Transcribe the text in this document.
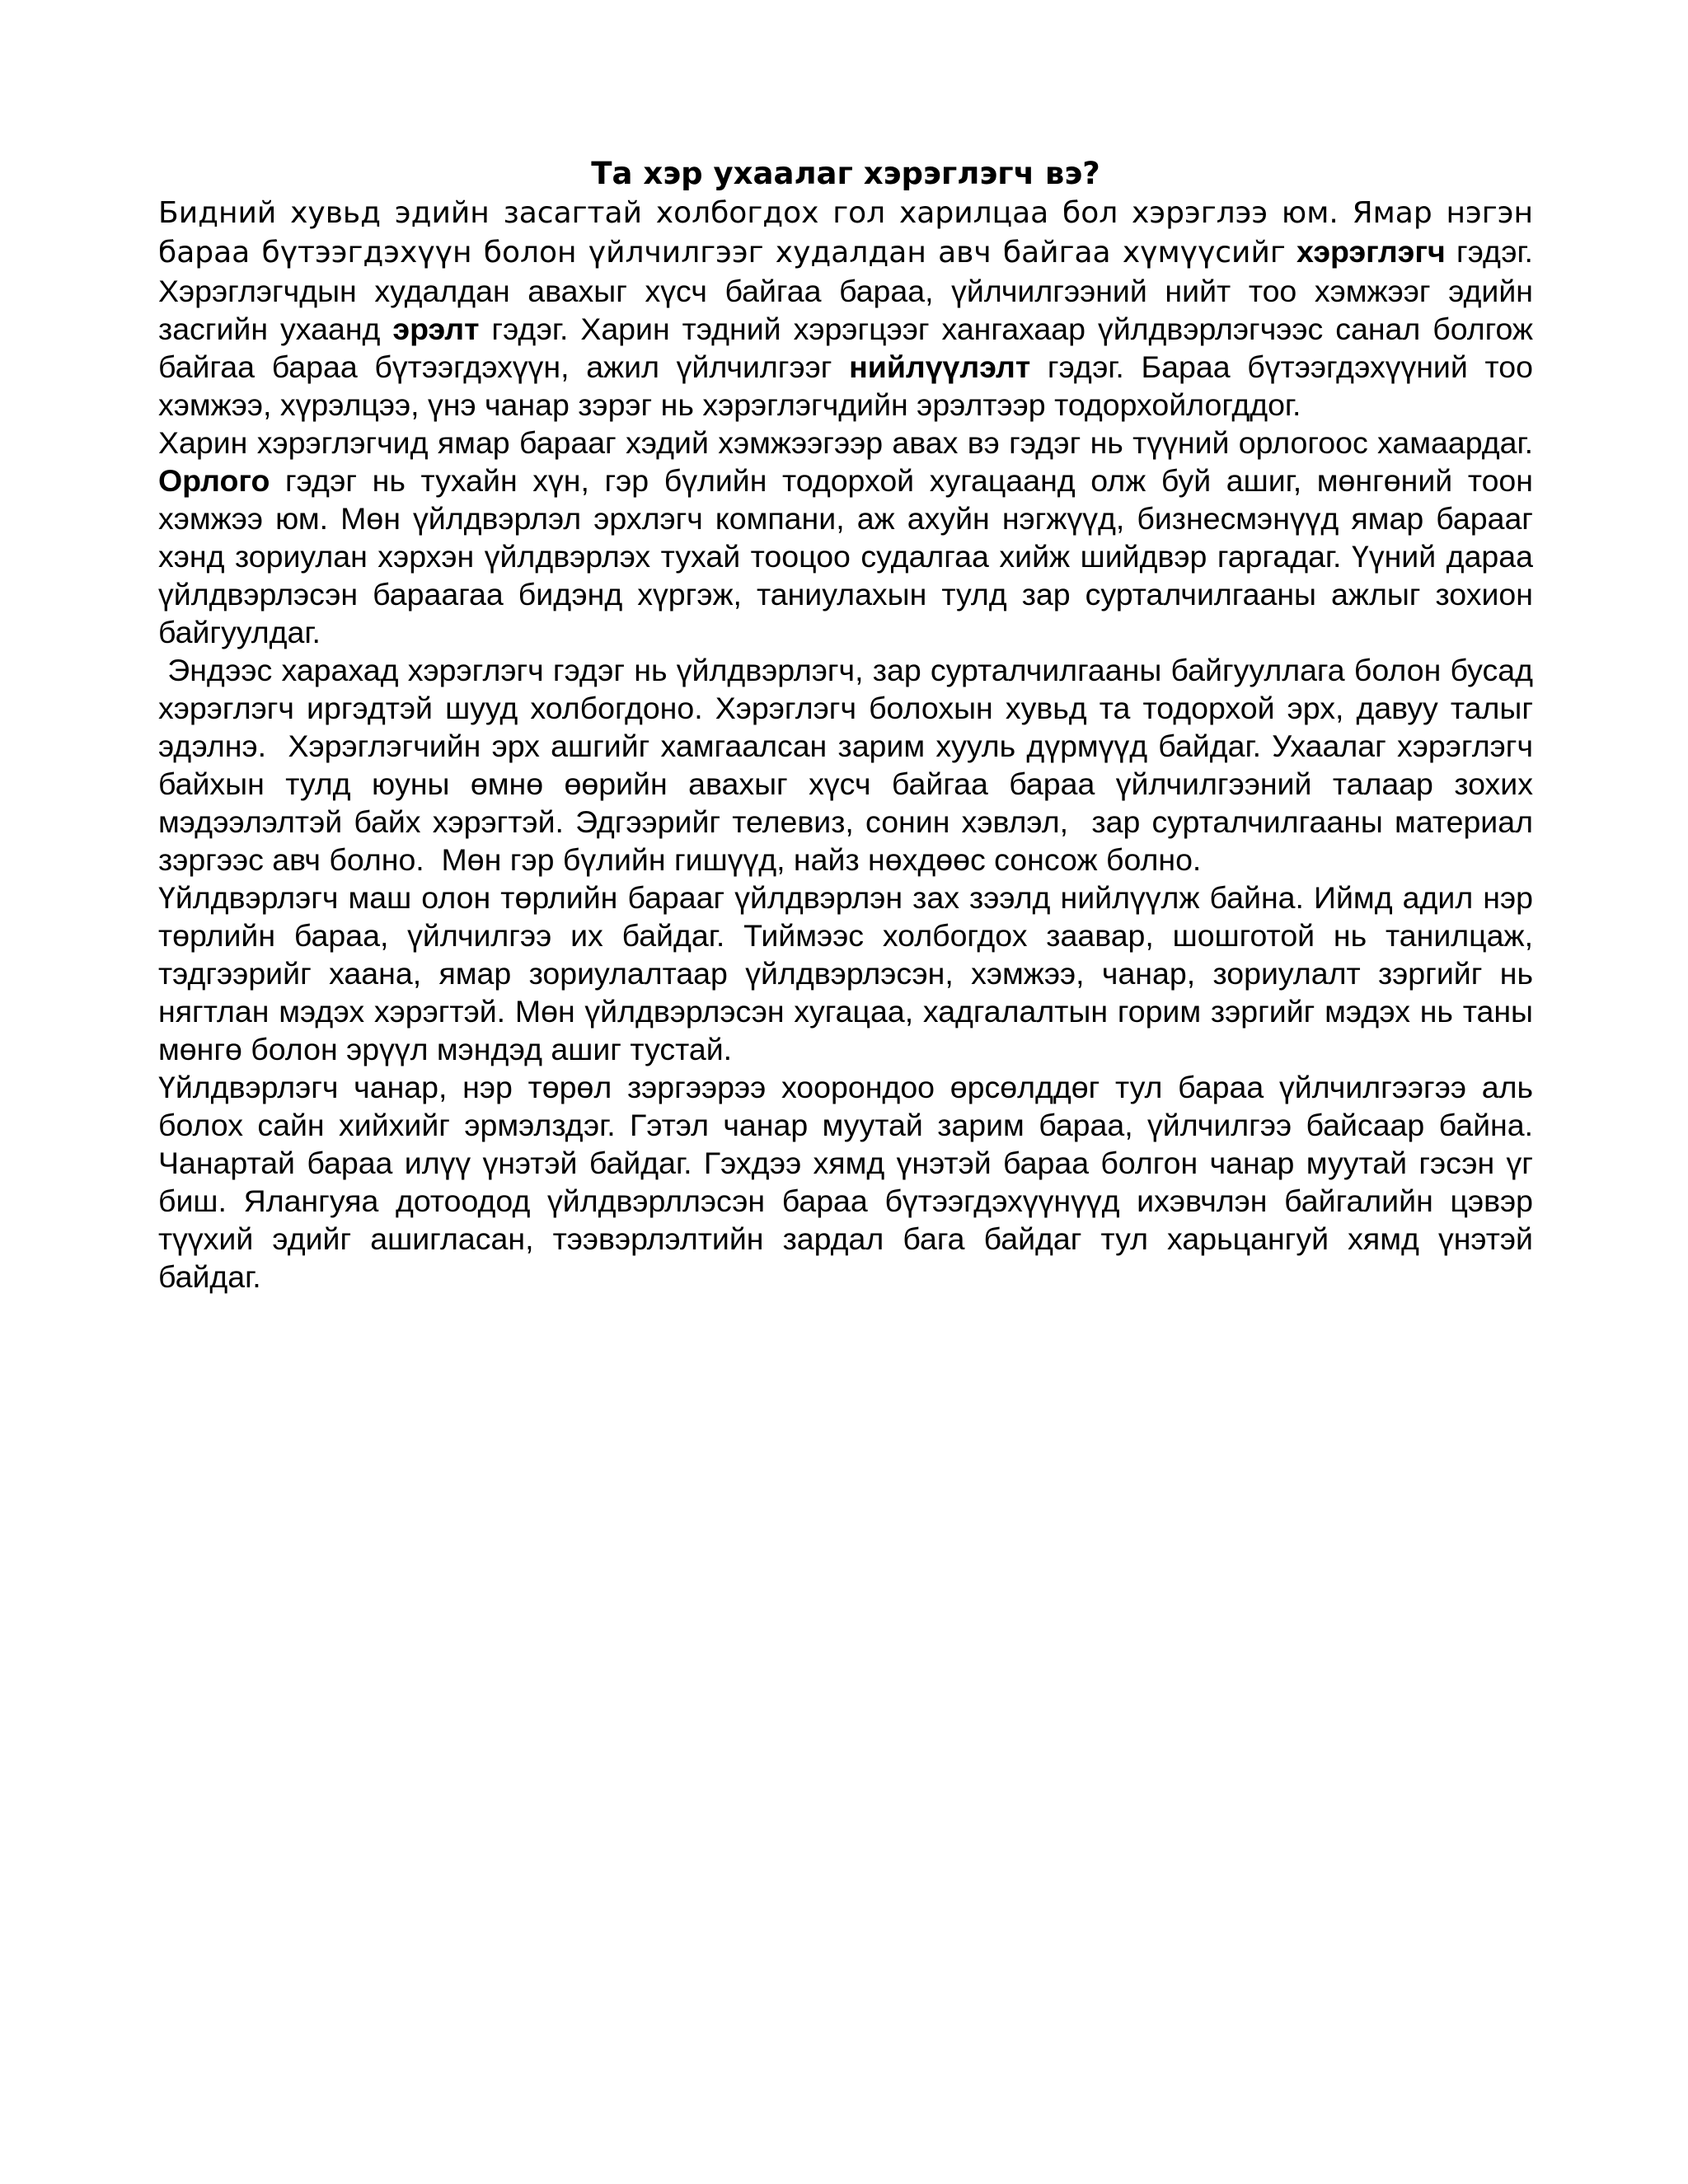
Та хэр ухаалаг хэрэглэгч вэ?

Бидний хувьд эдийн засагтай холбогдох гол харилцаа бол хэрэглээ юм. Ямар нэгэн бараа бүтээгдэхүүн болон үйлчилгээг худалдан авч байгаа хүмүүсийг хэрэглэгч гэдэг. Хэрэглэгчдын худалдан авахыг хүсч байгаа бараа, үйлчилгээний нийт тоо хэмжээг эдийн засгийн ухаанд эрэлт гэдэг. Харин тэдний хэрэгцээг хангахаар үйлдвэрлэгчээс санал болгож байгаа бараа бүтээгдэхүүн, ажил үйлчилгээг нийлүүлэлт гэдэг. Бараа бүтээгдэхүүний тоо хэмжээ, хүрэлцээ, үнэ чанар зэрэг нь хэрэглэгчдийн эрэлтээр тодорхойлогддог.

Харин хэрэглэгчид ямар барааг хэдий хэмжээгээр авах вэ гэдэг нь түүний орлогоос хамаардаг. Орлого гэдэг нь тухайн хүн, гэр бүлийн тодорхой хугацаанд олж буй ашиг, мөнгөний тоон хэмжээ юм. Мөн үйлдвэрлэл эрхлэгч компани, аж ахуйн нэгжүүд, бизнесмэнүүд ямар барааг хэнд зориулан хэрхэн үйлдвэрлэх тухай тооцоо судалгаа хийж шийдвэр гаргадаг. Үүний дараа үйлдвэрлэсэн бараагаа бидэнд хүргэж, таниулахын тулд зар сурталчилгааны ажлыг зохион байгуулдаг.

Эндээс харахад хэрэглэгч гэдэг нь үйлдвэрлэгч, зар сурталчилгааны байгууллага болон бусад хэрэглэгч иргэдтэй шууд холбогдоно. Хэрэглэгч болохын хувьд та тодорхой эрх, давуу талыг эдэлнэ.  Хэрэглэгчийн эрх ашгийг хамгаалсан зарим хууль дүрмүүд байдаг. Ухаалаг хэрэглэгч байхын тулд юуны өмнө өөрийн авахыг хүсч байгаа бараа үйлчилгээний талаар зохих мэдээлэлтэй байх хэрэгтэй. Эдгээрийг телевиз, сонин хэвлэл,  зар сурталчилгааны материал зэргээс авч болно.  Мөн гэр бүлийн гишүүд, найз нөхдөөс сонсож болно.

Үйлдвэрлэгч маш олон төрлийн барааг үйлдвэрлэн зах зээлд нийлүүлж байна. Иймд адил нэр төрлийн бараа, үйлчилгээ их байдаг. Тиймээс холбогдох заавар, шошготой нь танилцаж, тэдгээрийг хаана, ямар зориулалтаар үйлдвэрлэсэн, хэмжээ, чанар, зориулалт зэргийг нь нягтлан мэдэх хэрэгтэй. Мөн үйлдвэрлэсэн хугацаа, хадгалалтын горим зэргийг мэдэх нь таны мөнгө болон эрүүл мэндэд ашиг тустай.

Үйлдвэрлэгч чанар, нэр төрөл зэргээрээ хоорондоо өрсөлддөг тул бараа үйлчилгээгээ аль болох сайн хийхийг эрмэлздэг. Гэтэл чанар муутай зарим бараа, үйлчилгээ байсаар байна. Чанартай бараа илүү үнэтэй байдаг. Гэхдээ хямд үнэтэй бараа болгон чанар муутай гэсэн үг биш. Ялангуяа дотоодод үйлдвэрллэсэн бараа бүтээгдэхүүнүүд ихэвчлэн байгалийн цэвэр түүхий эдийг ашигласан, тээвэрлэлтийн зардал бага байдаг тул харьцангуй хямд үнэтэй байдаг.
